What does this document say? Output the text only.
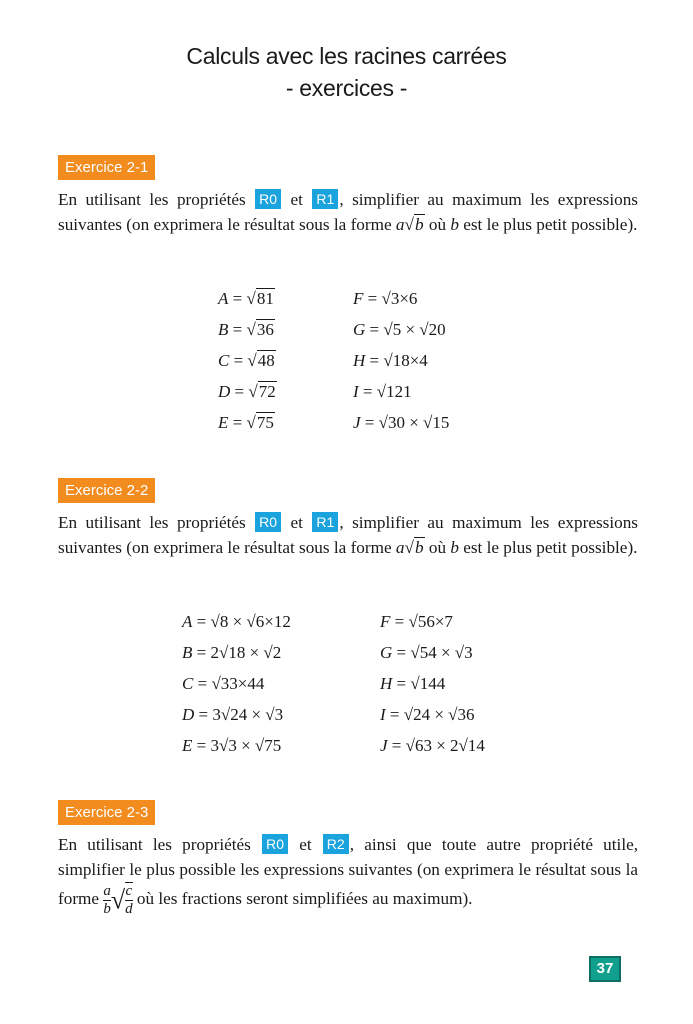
Calculs avec les racines carrées
- exercices -
Exercice 2-1
En utilisant les propriétés R0 et R1 , simplifier au maximum les expressions suivantes (on exprimera le résultat sous la forme a√b où b est le plus petit possible).
A = √81
B = √36
C = √48
D = √72
E = √75
F = √3×6
G = √5 × √20
H = √18×4
I = √121
J = √30 × √15
Exercice 2-2
En utilisant les propriétés R0 et R1 , simplifier au maximum les expressions suivantes (on exprimera le résultat sous la forme a√b où b est le plus petit possible).
A = √8 × √6×12
B = 2√18 × √2
C = √33×44
D = 3√24 × √3
E = 3√3 × √75
F = √56×7
G = √54 × √3
H = √144
I = √24 × √36
J = √63 × 2√14
Exercice 2-3
En utilisant les propriétés R0 et R2 , ainsi que toute autre propriété utile, simplifier le plus possible les expressions suivantes (on exprimera le résultat sous la forme $\frac{a}{b}$ √ $\frac{c}{d}$ où les fractions seront simplifiées au maximum).
37
